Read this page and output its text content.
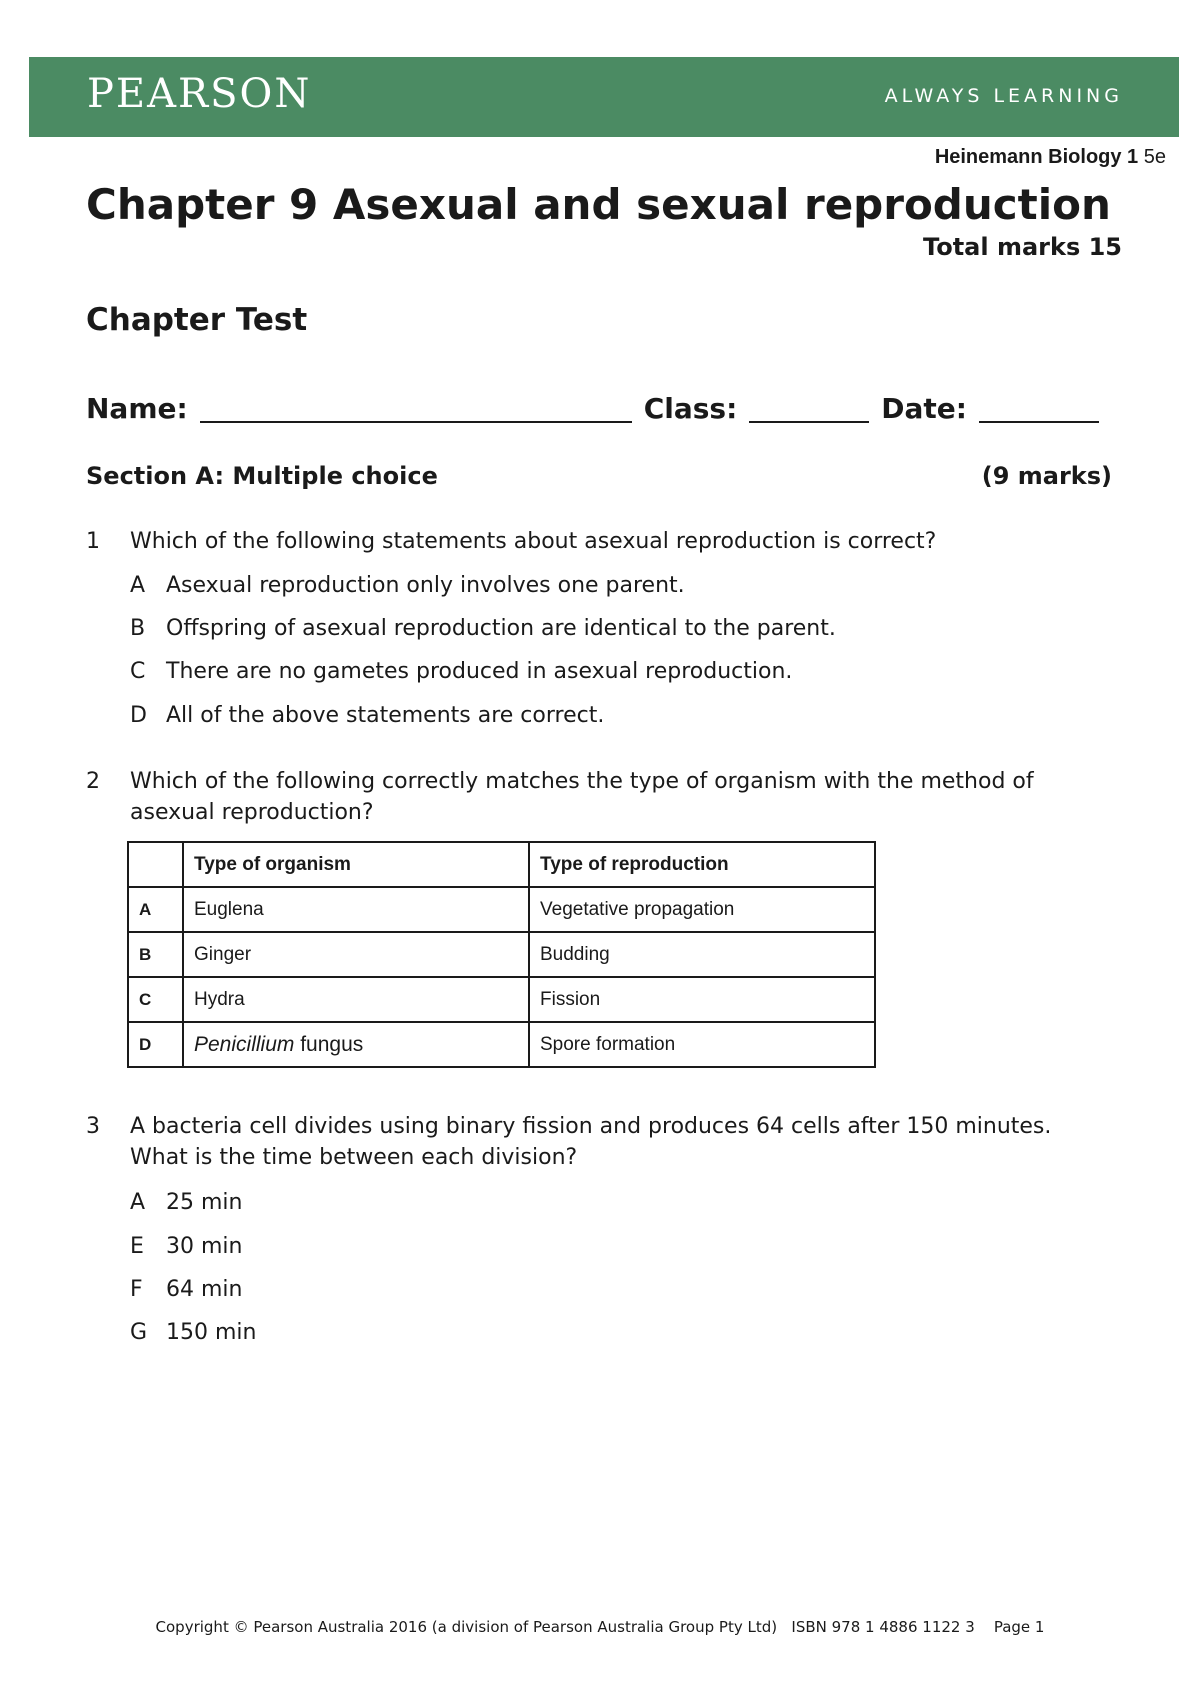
PEARSON	ALWAYS LEARNING
Heinemann Biology 1 5e
Chapter 9 Asexual and sexual reproduction
Total marks 15
Chapter Test
Name:	Class:	Date:
Section A: Multiple choice	(9 marks)
1 Which of the following statements about asexual reproduction is correct?
A Asexual reproduction only involves one parent.
B Offspring of asexual reproduction are identical to the parent.
C There are no gametes produced in asexual reproduction.
D All of the above statements are correct.
2 Which of the following correctly matches the type of organism with the method of asexual reproduction?
	Type of organism	Type of reproduction
A	Euglena	Vegetative propagation
B	Ginger	Budding
C	Hydra	Fission
D	Penicillium fungus	Spore formation
3 A bacteria cell divides using binary fission and produces 64 cells after 150 minutes. What is the time between each division?
A 25 min
E 30 min
F 64 min
G 150 min
Copyright © Pearson Australia 2016 (a division of Pearson Australia Group Pty Ltd)   ISBN 978 1 4886 1122 3    Page 1
